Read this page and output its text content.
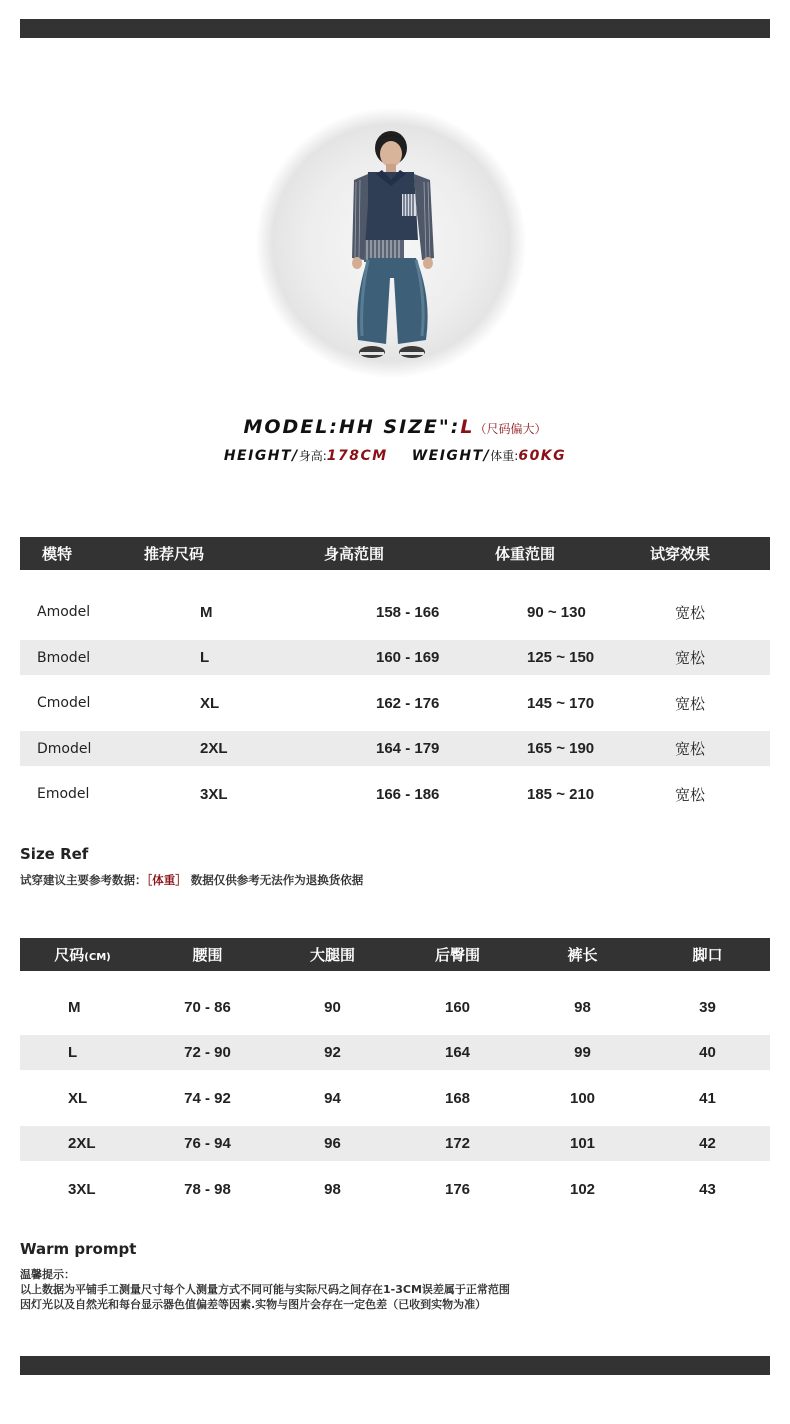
MODEL:HH SIZE":L（尺码偏大）
HEIGHT/身高:178CM WEIGHT/体重:60KG
模特	推荐尺码	身高范围	体重范围	试穿效果
Amodel	M	158 - 166	90 ~ 130	宽松
Bmodel	L	160 - 169	125 ~ 150	宽松
Cmodel	XL	162 - 176	145 ~ 170	宽松
Dmodel	2XL	164 - 179	165 ~ 190	宽松
Emodel	3XL	166 - 186	185 ~ 210	宽松
Size Ref
试穿建议主要参考数据：［体重］ 数据仅供参考无法作为退换货依据
尺码(CM)	腰围	大腿围	后臀围	裤长	脚口
M	70 - 86	90	160	98	39
L	72 - 90	92	164	99	40
XL	74 - 92	94	168	100	41
2XL	76 - 94	96	172	101	42
3XL	78 - 98	98	176	102	43
Warm prompt
温馨提示：
以上数据为平铺手工测量尺寸每个人测量方式不同可能与实际尺码之间存在1-3CM误差属于正常范围
因灯光以及自然光和每台显示器色值偏差等因素.实物与图片会存在一定色差（已收到实物为准）
